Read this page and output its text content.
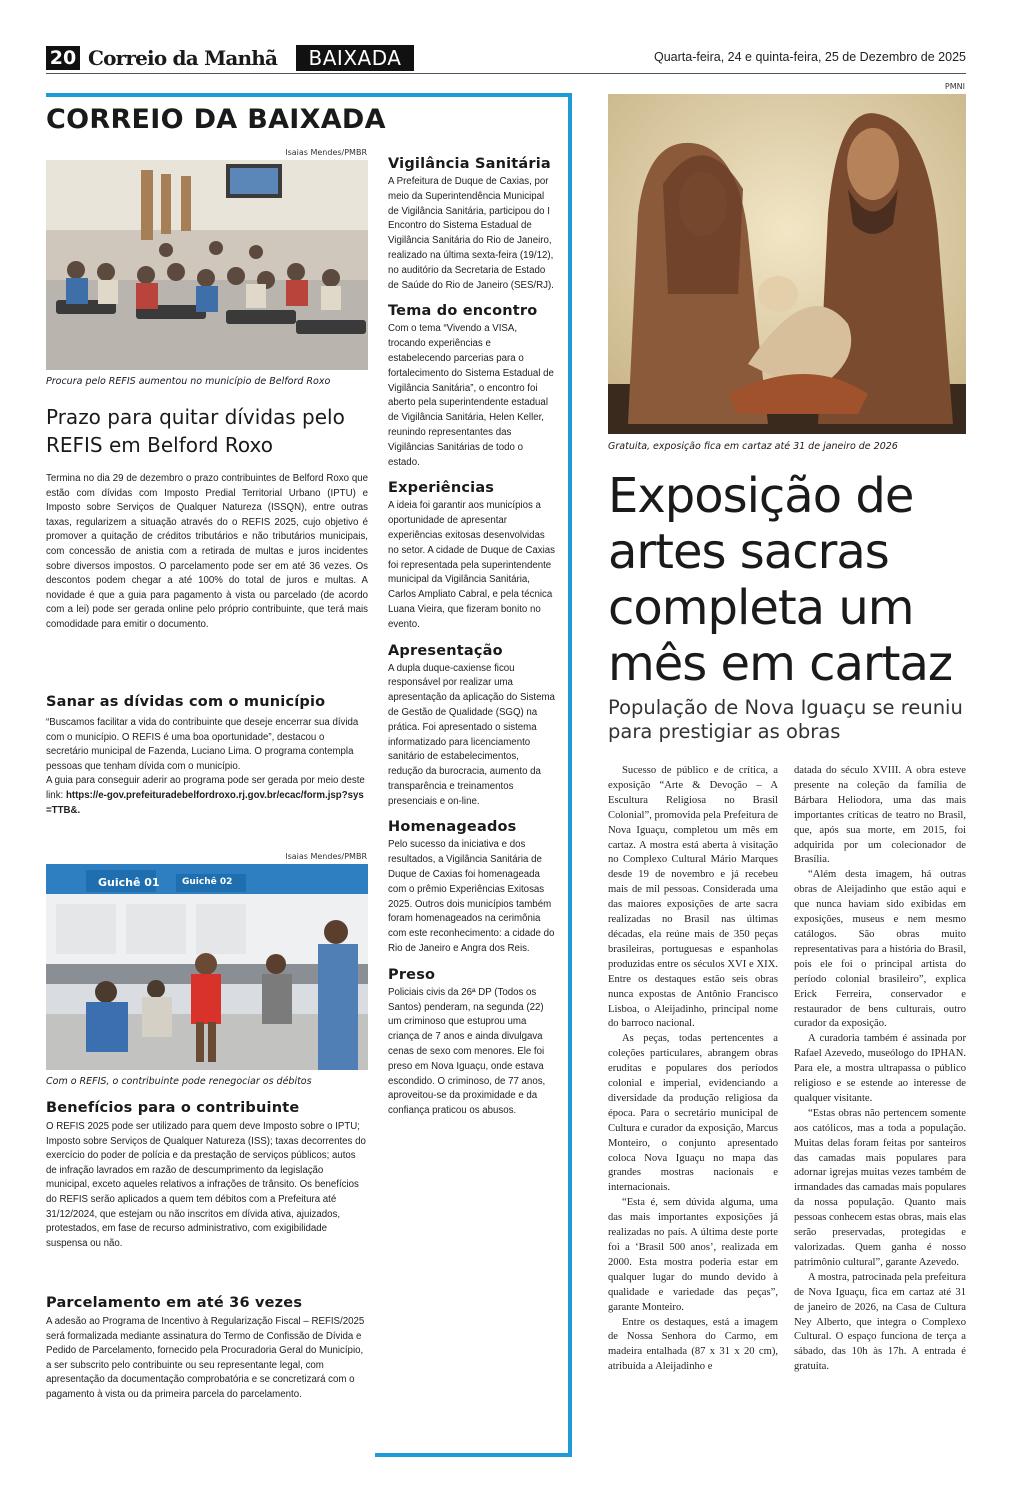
20 Correio da Manhã	BAIXADA	Quarta-feira, 24 e quinta-feira, 25 de Dezembro de 2025
CORREIO DA BAIXADA
Isaias Mendes/PMBR
Procura pelo REFIS aumentou no município de Belford Roxo
Prazo para quitar dívidas pelo REFIS em Belford Roxo
Termina no dia 29 de dezembro o prazo contribuintes de Belford Roxo que estão com dívidas com Imposto Predial Territorial Urbano (IPTU) e Imposto sobre Serviços de Qualquer Natureza (ISSQN), entre outras taxas, regularizem a situação através do o REFIS 2025, cujo objetivo é promover a quitação de créditos tributários e não tributários municipais, com concessão de anistia com a retirada de multas e juros incidentes sobre diversos impostos. O parcelamento pode ser em até 36 vezes. Os descontos podem chegar a até 100% do total de juros e multas. A novidade é que a guia para pagamento à vista ou parcelado (de acordo com a lei) pode ser gerada online pelo próprio contribuinte, que terá mais comodidade para emitir o documento.
Sanar as dívidas com o município

“Buscamos facilitar a vida do contribuinte que deseje encerrar sua dívida com o município. O REFIS é uma boa oportunidade”, destacou o secretário municipal de Fazenda, Luciano Lima. O programa contempla pessoas que tenham dívida com o município.

A guia para conseguir aderir ao programa pode ser gerada por meio deste link: https://e-gov.prefeituradebelfordroxo.rj.gov.br/ecac/form.jsp?sys=TTB&.

Isaias Mendes/PMBR
Guichê 01 Guichê 02
Com o REFIS, o contribuinte pode renegociar os débitos
Benefícios para o contribuinte
O REFIS 2025 pode ser utilizado para quem deve Imposto sobre o IPTU; Imposto sobre Serviços de Qualquer Natureza (ISS); taxas decorrentes do exercício do poder de polícia e da prestação de serviços públicos; autos de infração lavrados em razão de descumprimento da legislação municipal, exceto aqueles relativos a infrações de trânsito. Os benefícios do REFIS serão aplicados a quem tem débitos com a Prefeitura até 31/12/2024, que estejam ou não inscritos em dívida ativa, ajuizados, protestados, em fase de recurso administrativo, com exigibilidade suspensa ou não.
Parcelamento em até 36 vezes
A adesão ao Programa de Incentivo à Regularização Fiscal – REFIS/2025 será formalizada mediante assinatura do Termo de Confissão de Dívida e Pedido de Parcelamento, fornecido pela Procuradoria Geral do Município, a ser subscrito pelo contribuinte ou seu representante legal, com apresentação da documentação comprobatória e se concretizará com o pagamento à vista ou da primeira parcela do parcelamento.
Vigilância Sanitária
A Prefeitura de Duque de Caxias, por meio da Superintendência Municipal de Vigilância Sanitária, participou do I Encontro do Sistema Estadual de Vigilância Sanitária do Rio de Janeiro, realizado na última sexta-feira (19/12), no auditório da Secretaria de Estado de Saúde do Rio de Janeiro (SES/RJ).
Tema do encontro
Com o tema “Vivendo a VISA, trocando experiências e estabelecendo parcerias para o fortalecimento do Sistema Estadual de Vigilância Sanitária”, o encontro foi aberto pela superintendente estadual de Vigilância Sanitária, Helen Keller, reunindo representantes das Vigilâncias Sanitárias de todo o estado.
Experiências
A ideia foi garantir aos municípios a oportunidade de apresentar experiências exitosas desenvolvidas no setor. A cidade de Duque de Caxias foi representada pela superintendente municipal da Vigilância Sanitária, Carlos Ampliato Cabral, e pela técnica Luana Vieira, que fizeram bonito no evento.
Apresentação
A dupla duque-caxiense ficou responsável por realizar uma apresentação da aplicação do Sistema de Gestão de Qualidade (SGQ) na prática. Foi apresentado o sistema informatizado para licenciamento sanitário de estabelecimentos, redução da burocracia, aumento da transparência e treinamentos presenciais e on-line.
Homenageados
Pelo sucesso da iniciativa e dos resultados, a Vigilância Sanitária de Duque de Caxias foi homenageada com o prêmio Experiências Exitosas 2025. Outros dois municípios também foram homenageados na cerimônia com este reconhecimento: a cidade do Rio de Janeiro e Angra dos Reis.
Preso
Policiais civis da 26ª DP (Todos os Santos) penderam, na segunda (22) um criminoso que estuprou uma criança de 7 anos e ainda divulgava cenas de sexo com menores. Ele foi preso em Nova Iguaçu, onde estava escondido. O criminoso, de 77 anos, aproveitou-se da proximidade e da confiança praticou os abusos.
PMNI
Gratuita, exposição fica em cartaz até 31 de janeiro de 2026
Exposição de artes sacras completa um mês em cartaz
População de Nova Iguaçu se reuniu para prestigiar as obras

Sucesso de público e de crítica, a exposição “Arte & Devoção – A Escultura Religiosa no Brasil Colonial”, promovida pela Prefeitura de Nova Iguaçu, completou um mês em cartaz. A mostra está aberta à visitação no Complexo Cultural Mário Marques desde 19 de novembro e já recebeu mais de mil pessoas. Considerada uma das maiores exposições de arte sacra realizadas no Brasil nas últimas décadas, ela reúne mais de 350 peças brasileiras, portuguesas e espanholas produzidas entre os séculos XVI e XIX. Entre os destaques estão seis obras nunca expostas de Antônio Francisco Lisboa, o Aleijadinho, principal nome do barroco nacional.

As peças, todas pertencentes a coleções particulares, abrangem obras eruditas e populares dos períodos colonial e imperial, evidenciando a diversidade da produção religiosa da época. Para o secretário municipal de Cultura e curador da exposição, Marcus Monteiro, o conjunto apresentado coloca Nova Iguaçu no mapa das grandes mostras nacionais e internacionais.

“Esta é, sem dúvida alguma, uma das mais importantes exposições já realizadas no país. A última deste porte foi a ‘Brasil 500 anos’, realizada em 2000. Esta mostra poderia estar em qualquer lugar do mundo devido à qualidade e variedade das peças”, garante Monteiro.

Entre os destaques, está a imagem de Nossa Senhora do Carmo, em madeira entalhada (87 x 31 x 20 cm), atribuída a Aleijadinho e

datada do século XVIII. A obra esteve presente na coleção da família de Bárbara Heliodora, uma das mais importantes críticas de teatro no Brasil, que, após sua morte, em 2015, foi adquirida por um colecionador de Brasília.

“Além desta imagem, há outras obras de Aleijadinho que estão aqui e que nunca haviam sido exibidas em exposições, museus e nem mesmo catálogos. São obras muito representativas para a história do Brasil, pois ele foi o principal artista do período colonial brasileiro”, explica Erick Ferreira, conservador e restaurador de bens culturais, outro curador da exposição.

A curadoria também é assinada por Rafael Azevedo, museólogo do IPHAN. Para ele, a mostra ultrapassa o público religioso e se estende ao interesse de qualquer visitante.

“Estas obras não pertencem somente aos católicos, mas a toda a população. Muitas delas foram feitas por santeiros das camadas mais populares para adornar igrejas muitas vezes também de irmandades das camadas mais populares da nossa população. Quanto mais pessoas conhecem estas obras, mais elas serão preservadas, protegidas e valorizadas. Quem ganha é nosso patrimônio cultural”, garante Azevedo.

A mostra, patrocinada pela prefeitura de Nova Iguaçu, fica em cartaz até 31 de janeiro de 2026, na Casa de Cultura Ney Alberto, que integra o Complexo Cultural. O espaço funciona de terça a sábado, das 10h às 17h. A entrada é gratuita.
